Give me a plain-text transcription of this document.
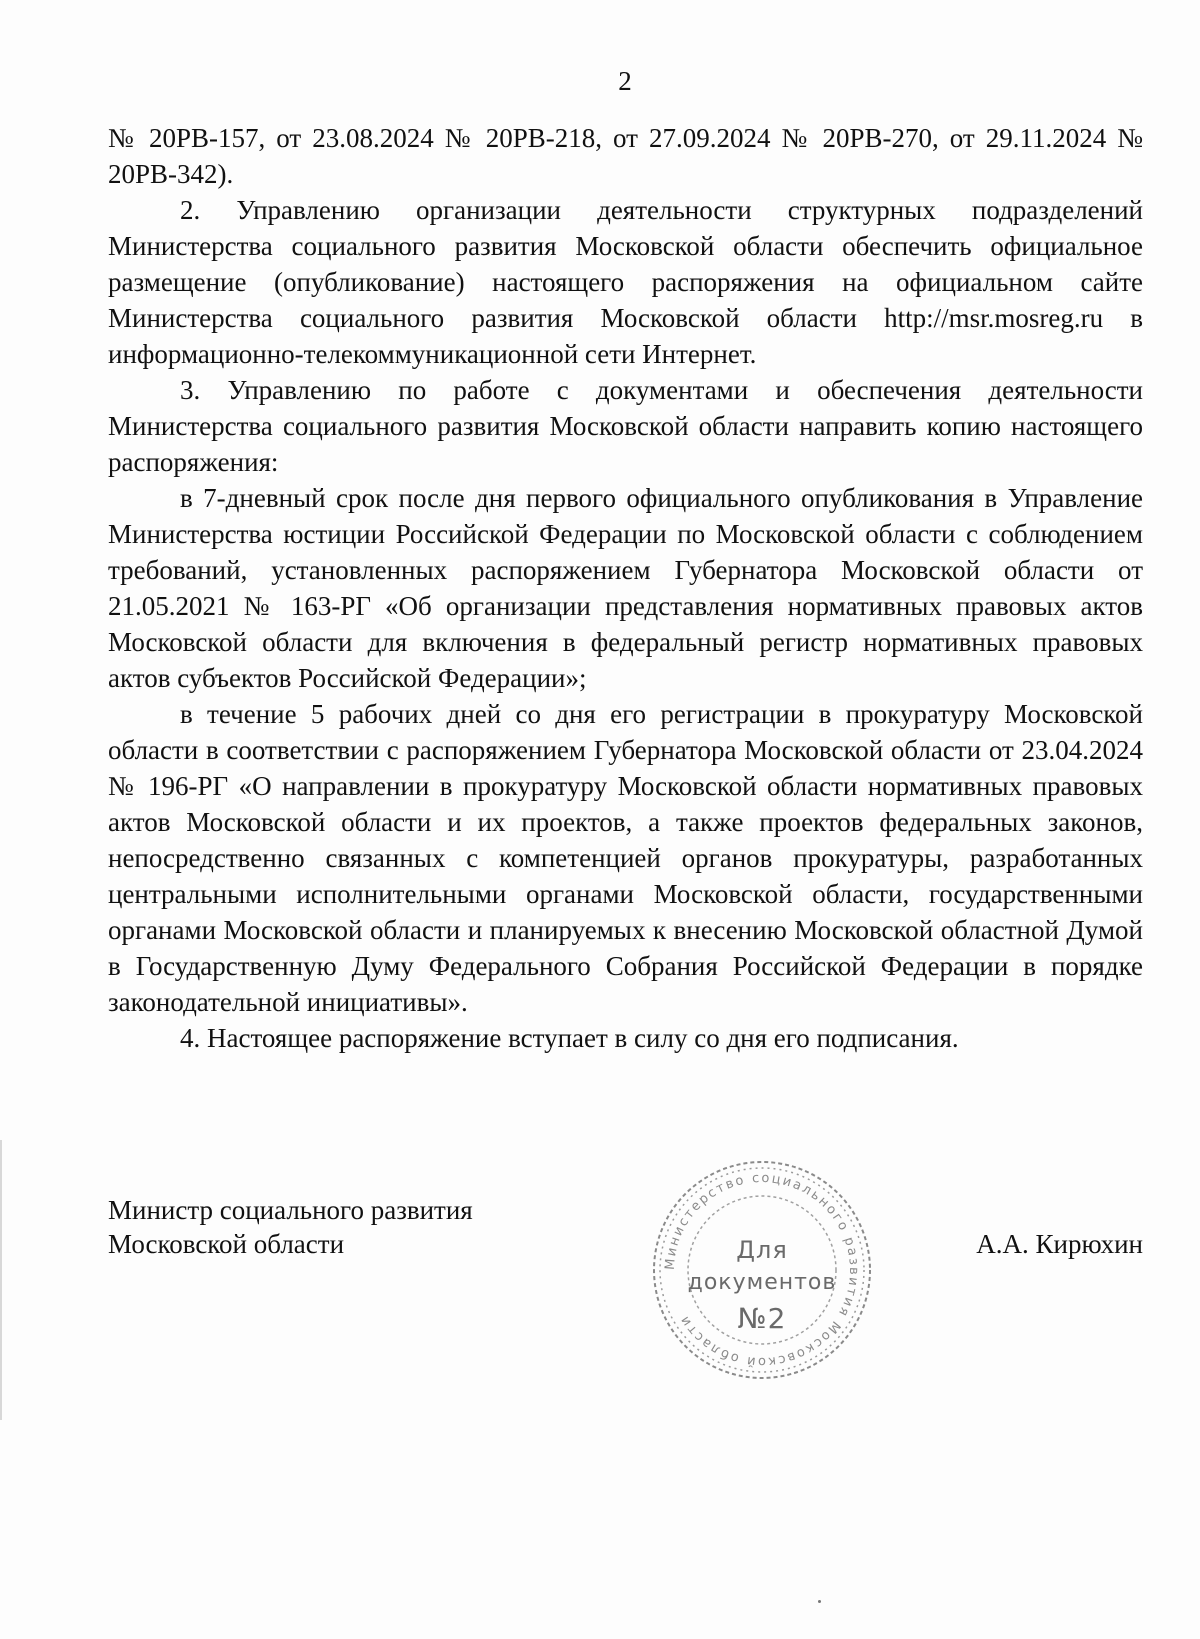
2

№ 20РВ-157, от 23.08.2024 № 20РВ-218, от 27.09.2024 № 20РВ-270, от 29.11.2024 № 20РВ-342).

2. Управлению организации деятельности структурных подразделений Министерства социального развития Московской области обеспечить официальное размещение (опубликование) настоящего распоряжения на официальном сайте Министерства социального развития Московской области http://msr.mosreg.ru в информационно-телекоммуникационной сети Интернет.

3. Управлению по работе с документами и обеспечения деятельности Министерства социального развития Московской области направить копию настоящего распоряжения:

в 7-дневный срок после дня первого официального опубликования в Управление Министерства юстиции Российской Федерации по Московской области с соблюдением требований, установленных распоряжением Губернатора Московской области от 21.05.2021 № 163-РГ «Об организации представления нормативных правовых актов Московской области для включения в федеральный регистр нормативных правовых актов субъектов Российской Федерации»;

в течение 5 рабочих дней со дня его регистрации в прокуратуру Московской области в соответствии с распоряжением Губернатора Московской области от 23.04.2024 № 196-РГ «О направлении в прокуратуру Московской области нормативных правовых актов Московской области и их проектов, а также проектов федеральных законов, непосредственно связанных с компетенцией органов прокуратуры, разработанных центральными исполнительными органами Московской области, государственными органами Московской области и планируемых к внесению Московской областной Думой в Государственную Думу Федерального Собрания Российской Федерации в порядке законодательной инициативы».

4. Настоящее распоряжение вступает в силу со дня его подписания.

Министр социального развития
Московской области	А.А. Кирюхин
Министерство социального развития Московской области
Для
документов
№2
